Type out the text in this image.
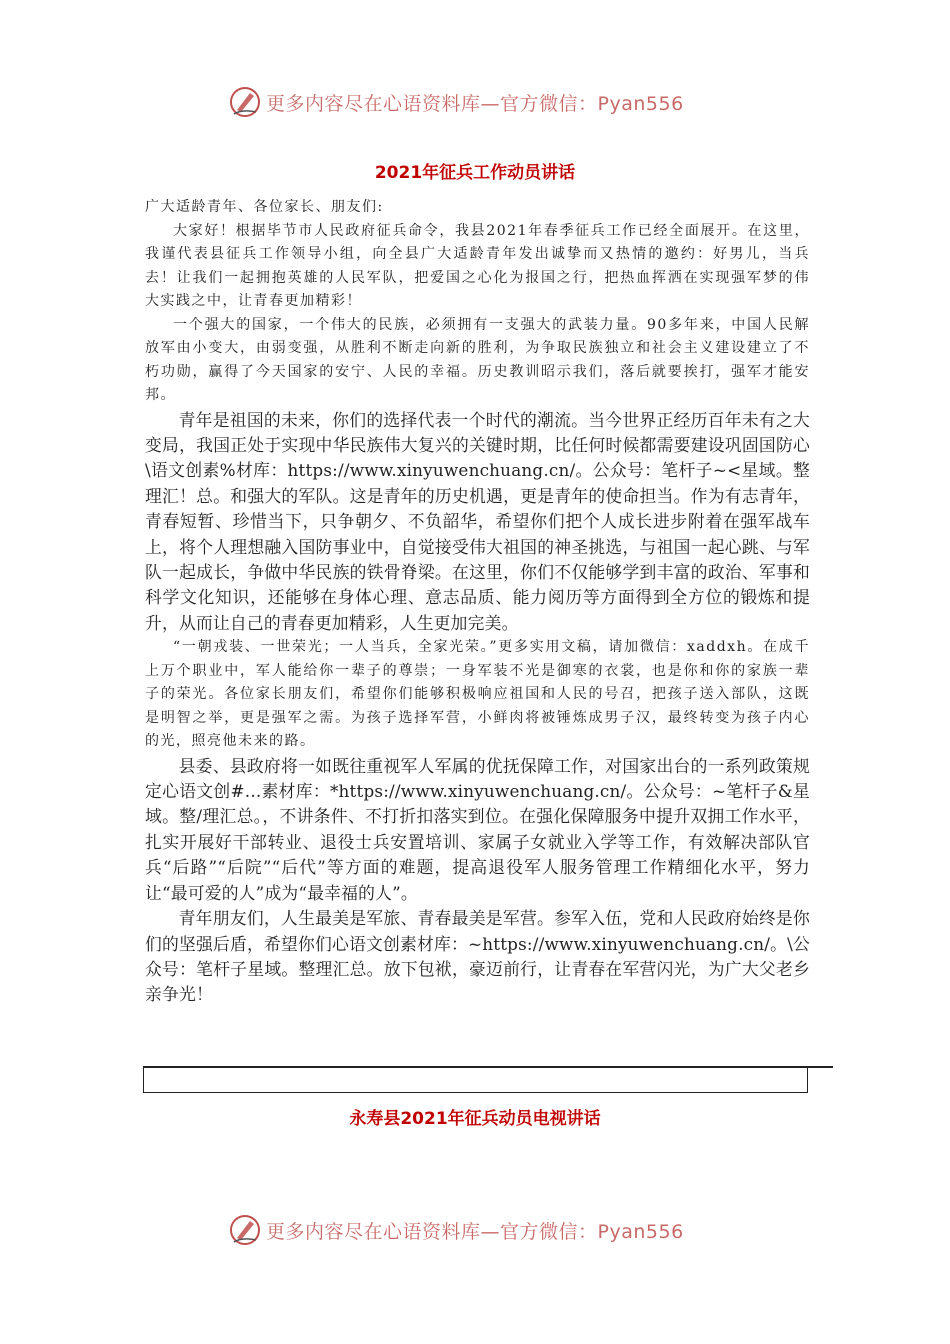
更多内容尽在心语资料库—官方微信：Pyan556
2021年征兵工作动员讲话

广大适龄青年、各位家长、朋友们:

大家好！根据毕节市人民政府征兵命令，我县2021年春季征兵工作已经全面展开。在这里，我谨代表县征兵工作领导小组，向全县广大适龄青年发出诚挚而又热情的邀约：好男儿，当兵去！让我们一起拥抱英雄的人民军队，把爱国之心化为报国之行，把热血挥洒在实现强军梦的伟大实践之中，让青春更加精彩！

一个强大的国家，一个伟大的民族，必须拥有一支强大的武装力量。90多年来，中国人民解放军由小变大，由弱变强，从胜利不断走向新的胜利，为争取民族独立和社会主义建设建立了不朽功勋，赢得了今天国家的安宁、人民的幸福。历史教训昭示我们，落后就要挨打，强军才能安邦。

青年是祖国的未来，你们的选择代表一个时代的潮流。当今世界正经历百年未有之大变局，我国正处于实现中华民族伟大复兴的关键时期，比任何时候都需要建设巩固国防心\语文创素%材库：https://www.xinyuwenchuang.cn/。公众号：笔杆子~<星域。整理汇！总。和强大的军队。这是青年的历史机遇，更是青年的使命担当。作为有志青年，青春短暂、珍惜当下，只争朝夕、不负韶华，希望你们把个人成长进步附着在强军战车上，将个人理想融入国防事业中，自觉接受伟大祖国的神圣挑选，与祖国一起心跳、与军队一起成长，争做中华民族的铁骨脊梁。在这里，你们不仅能够学到丰富的政治、军事和科学文化知识，还能够在身体心理、意志品质、能力阅历等方面得到全方位的锻炼和提升，从而让自己的青春更加精彩，人生更加完美。

“一朝戎装、一世荣光；一人当兵，全家光荣。”更多实用文稿，请加微信：xaddxh。在成千上万个职业中，军人能给你一辈子的尊崇；一身军装不光是御寒的衣裳，也是你和你的家族一辈子的荣光。各位家长朋友们，希望你们能够积极响应祖国和人民的号召，把孩子送入部队，这既是明智之举，更是强军之需。为孩子选择军营，小鲜肉将被锤炼成男子汉，最终转变为孩子内心的光，照亮他未来的路。

县委、县政府将一如既往重视军人军属的优抚保障工作，对国家出台的一系列政策规定心语文创#...素材库：*https://www.xinyuwenchuang.cn/。公众号：~笔杆子&星域。整/理汇总。，不讲条件、不打折扣落实到位。在强化保障服务中提升双拥工作水平，扎实开展好干部转业、退役士兵安置培训、家属子女就业入学等工作，有效解决部队官兵“后路”“后院”“后代”等方面的难题，提高退役军人服务管理工作精细化水平，努力让“最可爱的人”成为“最幸福的人”。

青年朋友们，人生最美是军旅、青春最美是军营。参军入伍，党和人民政府始终是你们的坚强后盾，希望你们心语文创素材库：~https://www.xinyuwenchuang.cn/。\公众号：笔杆子星域。整理汇总。放下包袱，豪迈前行，让青春在军营闪光，为广大父老乡亲争光！

永寿县2021年征兵动员电视讲话
更多内容尽在心语资料库—官方微信：Pyan556
